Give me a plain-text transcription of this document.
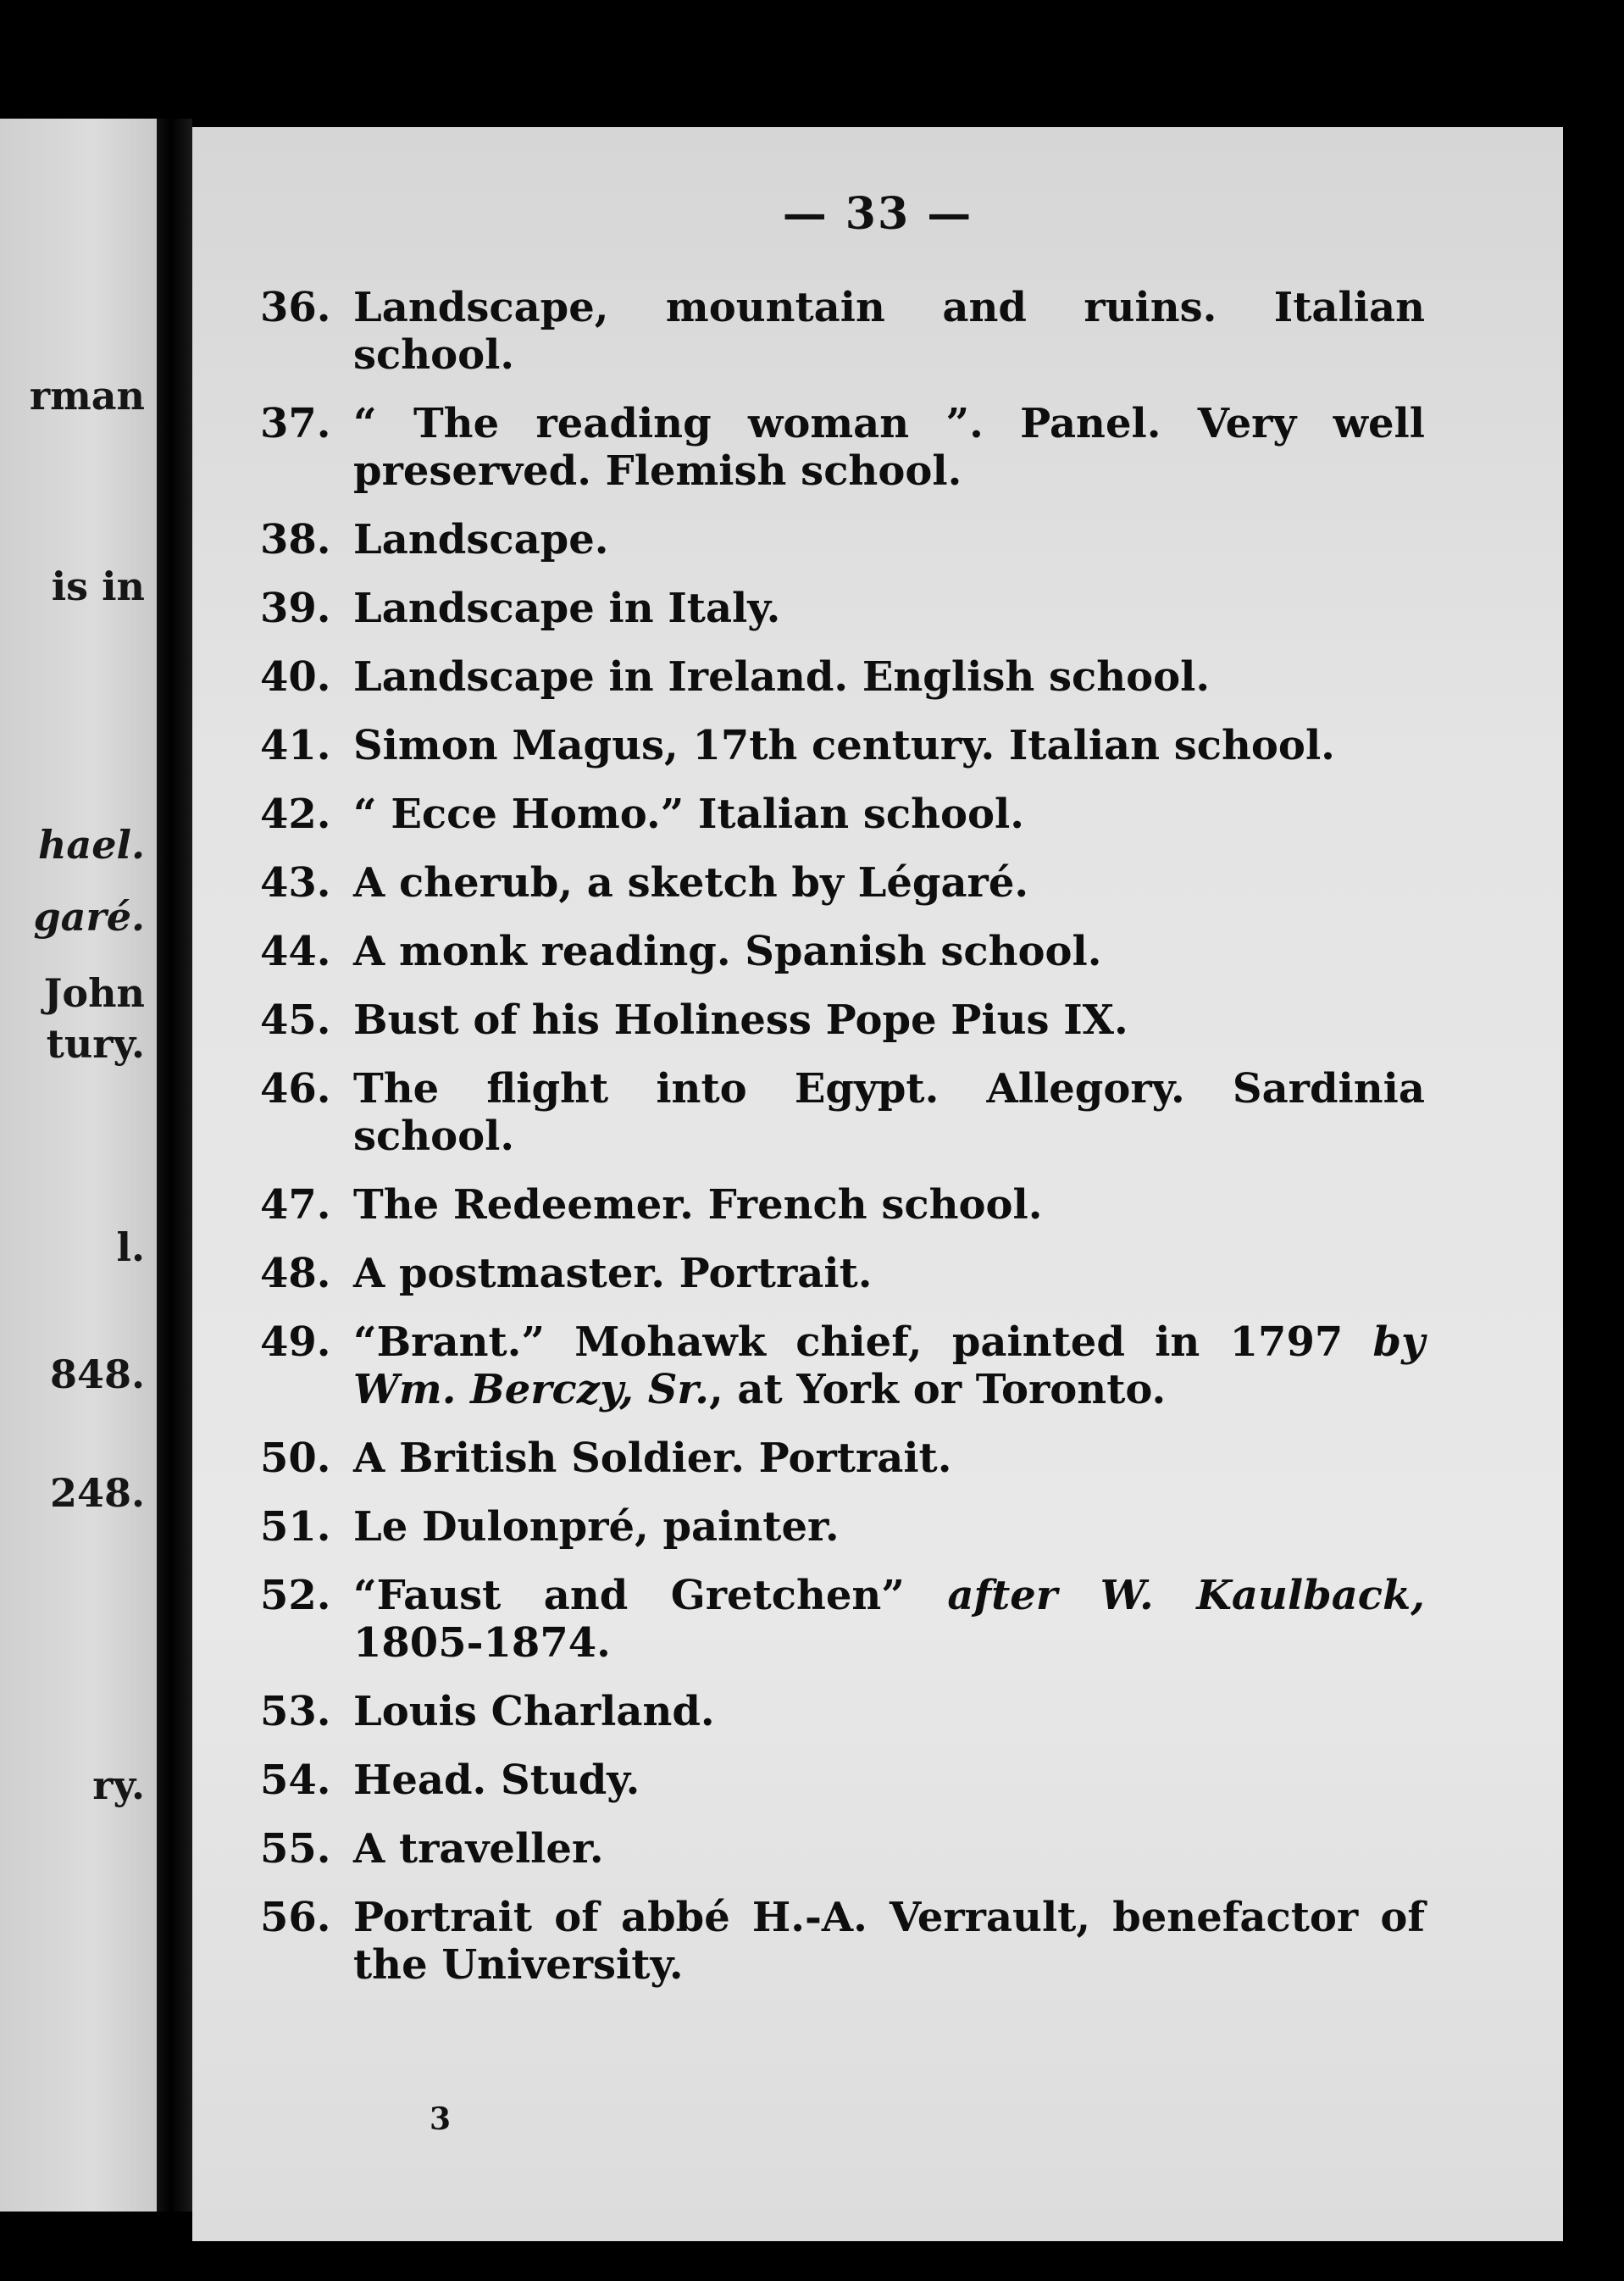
rman
is in
hael.
garé.
John
tury.
l.
848.
248.
ry.
— 33 —
36. Landscape, mountain and ruins. Italian school.
37. “ The reading woman ”. Panel. Very well preserved. Flemish school.
38. Landscape.
39. Landscape in Italy.
40. Landscape in Ireland. English school.
41. Simon Magus, 17th century. Italian school.
42. “ Ecce Homo.” Italian school.
43. A cherub, a sketch by Légaré.
44. A monk reading. Spanish school.
45. Bust of his Holiness Pope Pius IX.
46. The flight into Egypt. Allegory. Sardinia school.
47. The Redeemer. French school.
48. A postmaster. Portrait.
49. “Brant.” Mohawk chief, painted in 1797 by Wm. Berczy, Sr., at York or Toronto.
50. A British Soldier. Portrait.
51. Le Dulonpré, painter.
52. “Faust and Gretchen” after W. Kaulback, 1805-1874.
53. Louis Charland.
54. Head. Study.
55. A traveller.
56. Portrait of abbé H.-A. Verrault, benefactor of the University.
3
